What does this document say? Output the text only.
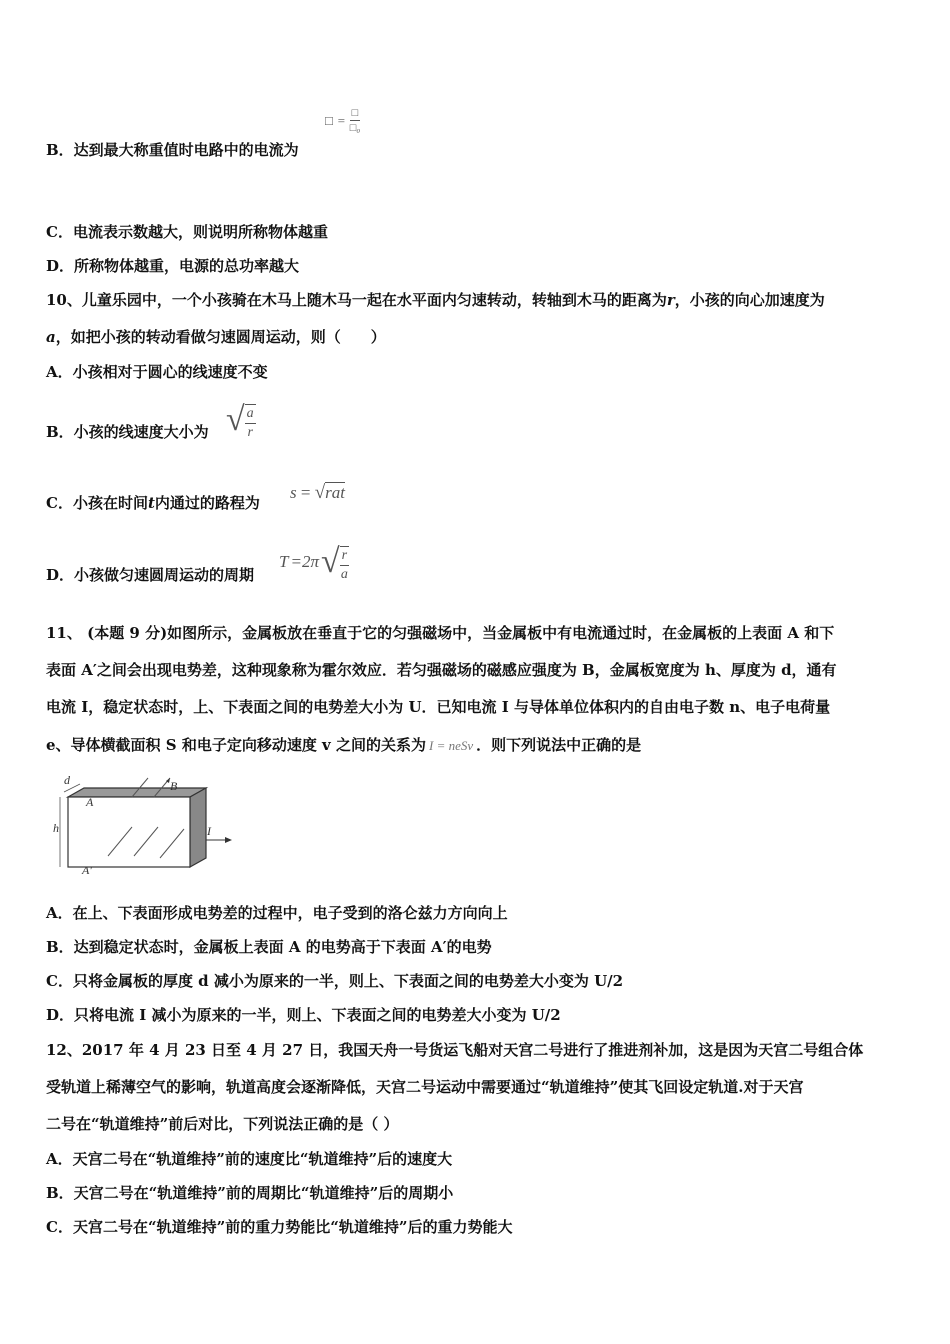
□ = $\frac{□}{\text{□₀}}$
B．达到最大称重值时电路中的电流为
C．电流表示数越大，则说明所称物体越重
D．所称物体越重，电源的总功率越大
10、儿童乐园中，一个小孩骑在木马上随木马一起在水平面内匀速转动，转轴到木马的距离为r，小孩的向心加速度为
a，如把小孩的转动看做匀速圆周运动，则（　　）
A．小孩相对于圆心的线速度不变
B．小孩的线速度大小为 √ $\frac{a}{r}$
C．小孩在时间t内通过的路程为
s = √rat
D．小孩做匀速圆周运动的周期
T =2π √ $\frac{r}{a}$
11、 (本题 9 分)如图所示，金属板放在垂直于它的匀强磁场中，当金属板中有电流通过时，在金属板的上表面 A 和下
表面 A′之间会出现电势差，这种现象称为霍尔效应．若匀强磁场的磁感应强度为 B，金属板宽度为 h、厚度为 d，通有
电流 I，稳定状态时，上、下表面之间的电势差大小为 U．已知电流 I 与导体单位体积内的自由电子数 n、电子电荷量
e、导体横截面积 S 和电子定向移动速度 v 之间的关系为 I = neSv ．则下列说法中正确的是
d
A
B
h	I
A′
A．在上、下表面形成电势差的过程中，电子受到的洛仑兹力方向向上
B．达到稳定状态时，金属板上表面 A 的电势高于下表面 A′的电势
C．只将金属板的厚度 d 减小为原来的一半，则上、下表面之间的电势差大小变为 U/2
D．只将电流 I 减小为原来的一半，则上、下表面之间的电势差大小变为 U/2
12、2017 年 4 月 23 日至 4 月 27 日，我国天舟一号货运飞船对天宫二号进行了推进剂补加，这是因为天宫二号组合体
受轨道上稀薄空气的影响，轨道高度会逐渐降低，天宫二号运动中需要通过“轨道维持”使其飞回设定轨道.对于天宫
二号在“轨道维持”前后对比，下列说法正确的是（ ）
A．天宫二号在“轨道维持”前的速度比“轨道维持”后的速度大
B．天宫二号在“轨道维持”前的周期比“轨道维持”后的周期小
C．天宫二号在“轨道维持”前的重力势能比“轨道维持”后的重力势能大
